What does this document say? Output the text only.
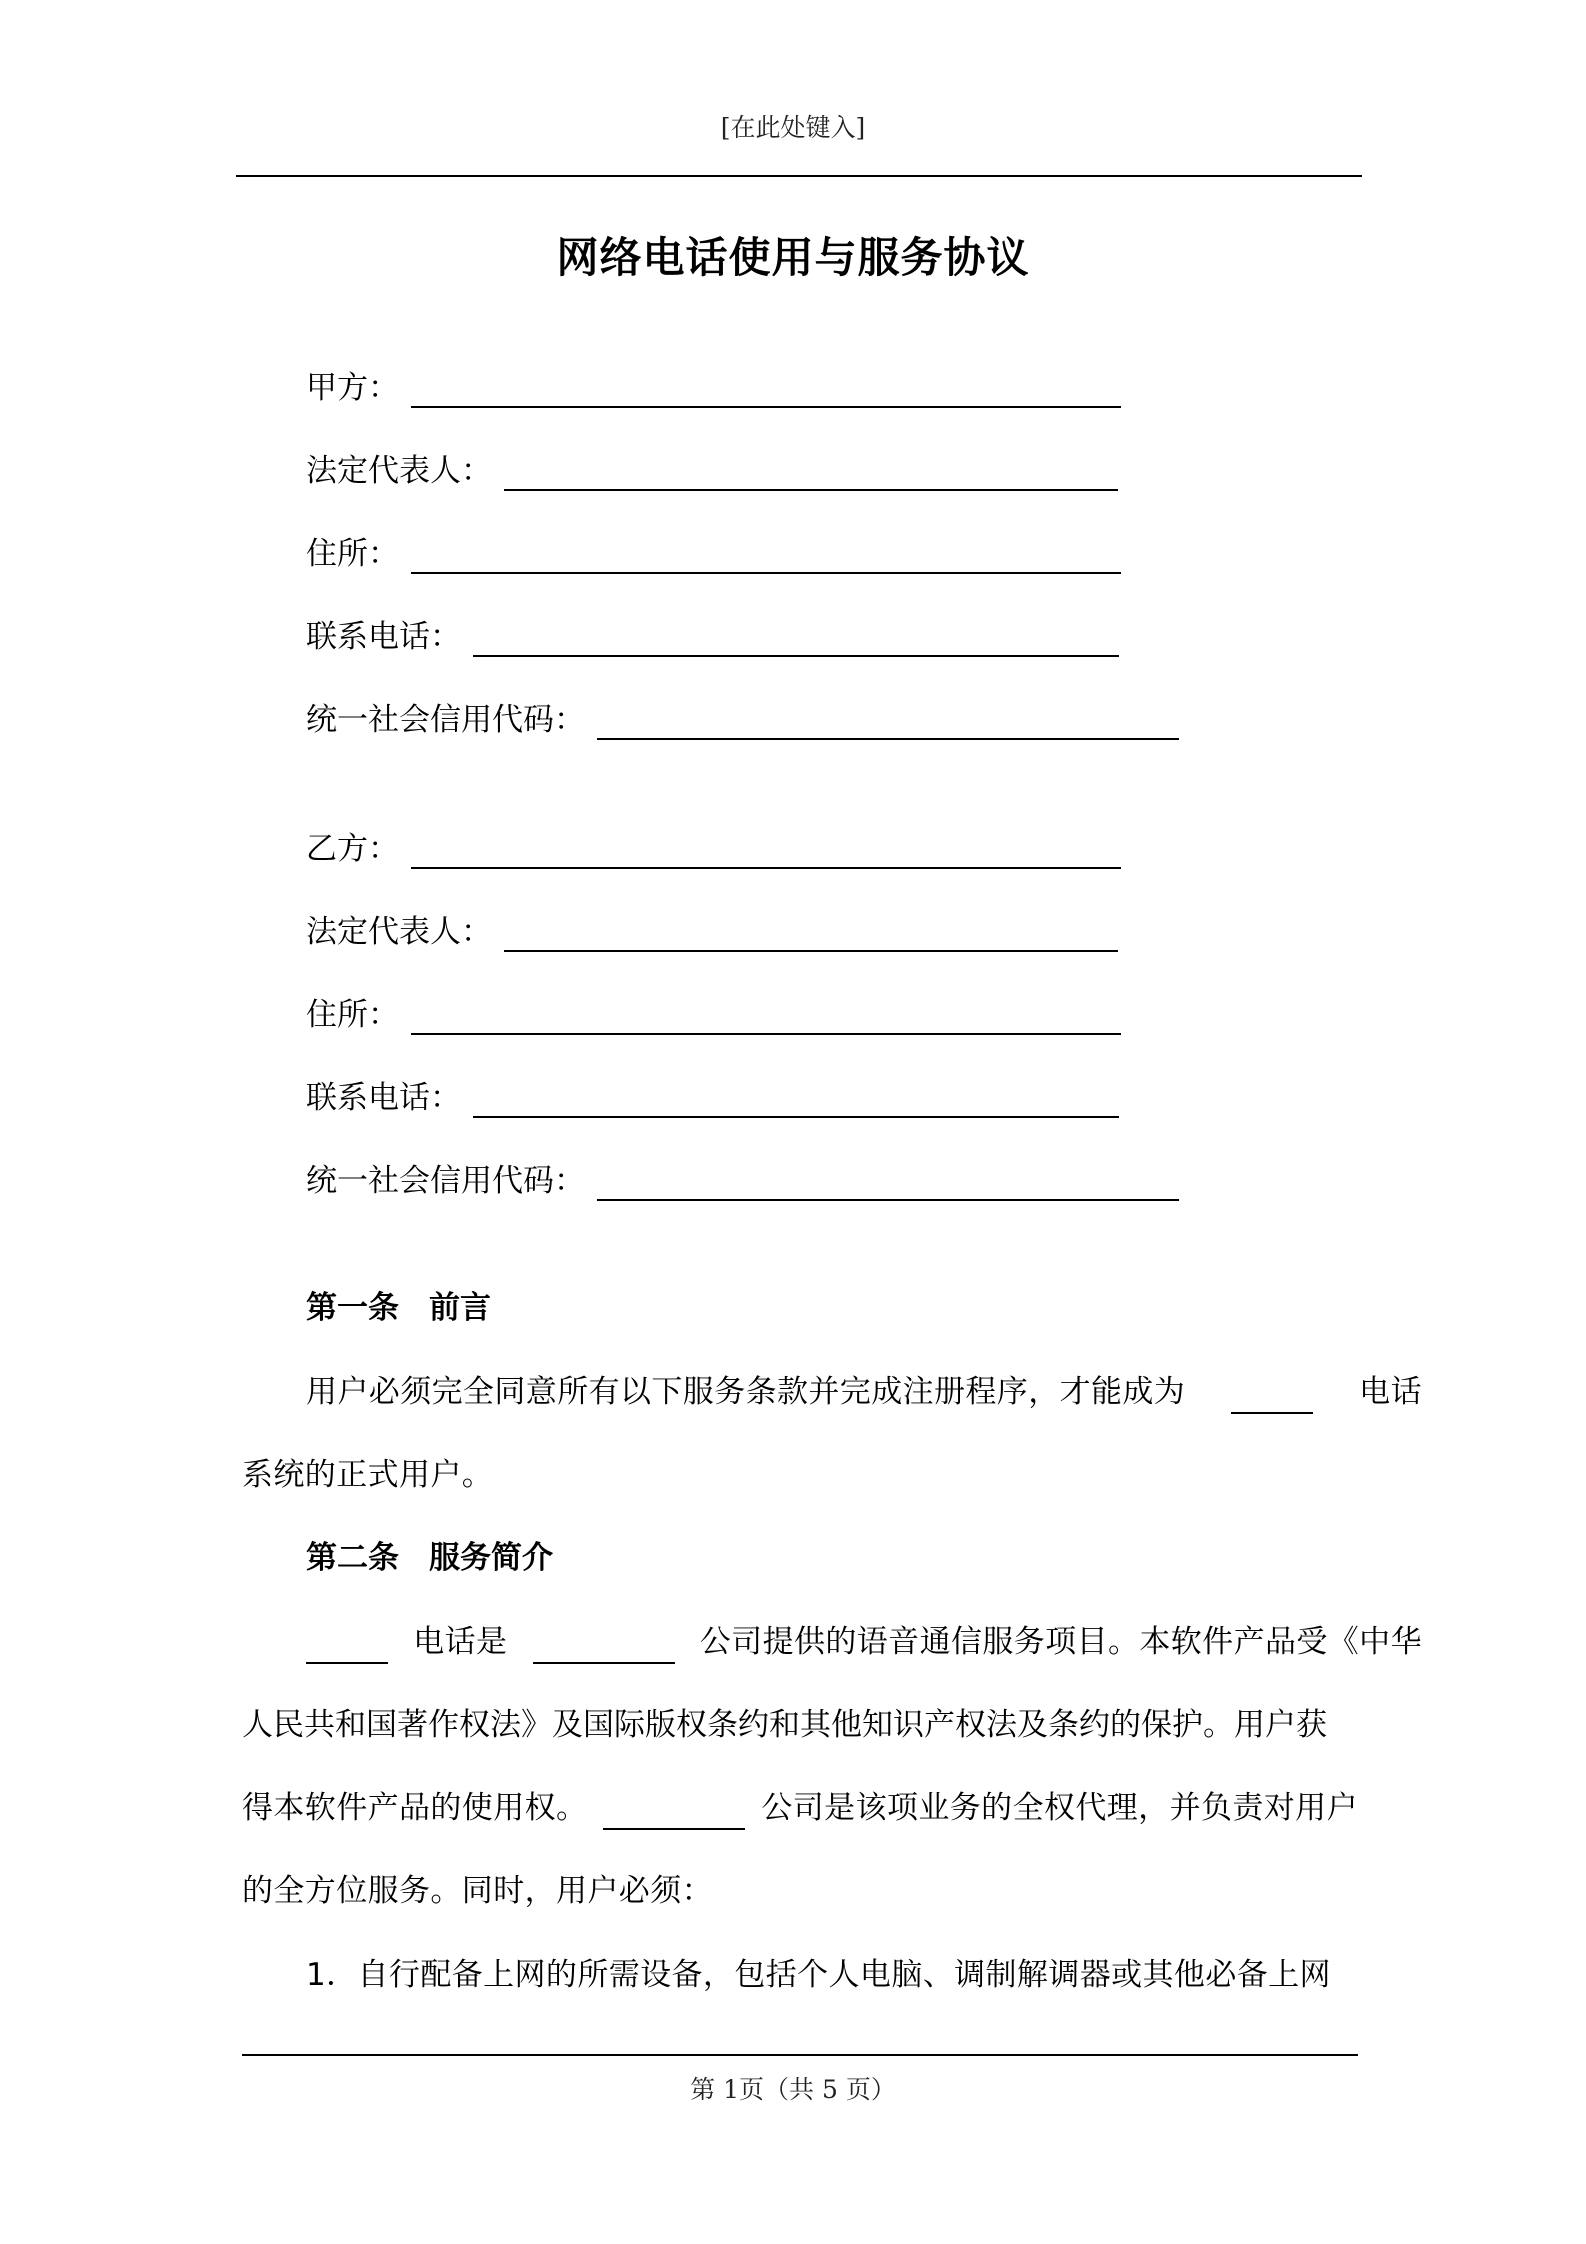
[在此处键入]
网络电话使用与服务协议
甲方：
法定代表人：
住所：
联系电话：
统一社会信用代码：
乙方：
法定代表人：
住所：
联系电话：
统一社会信用代码：
第一条 前言
用户必须完全同意所有以下服务条款并完成注册程序，才能成为	电话
系统的正式用户。
第二条 服务简介
电话是	公司提供的语音通信服务项目。本软件产品受《中华
人民共和国著作权法》及国际版权条约和其他知识产权法及条约的保护。用户获
得本软件产品的使用权。	公司是该项业务的全权代理，并负责对用户
的全方位服务。同时，用户必须：
1．自行配备上网的所需设备，包括个人电脑、调制解调器或其他必备上网
第 1页（共 5 页）
